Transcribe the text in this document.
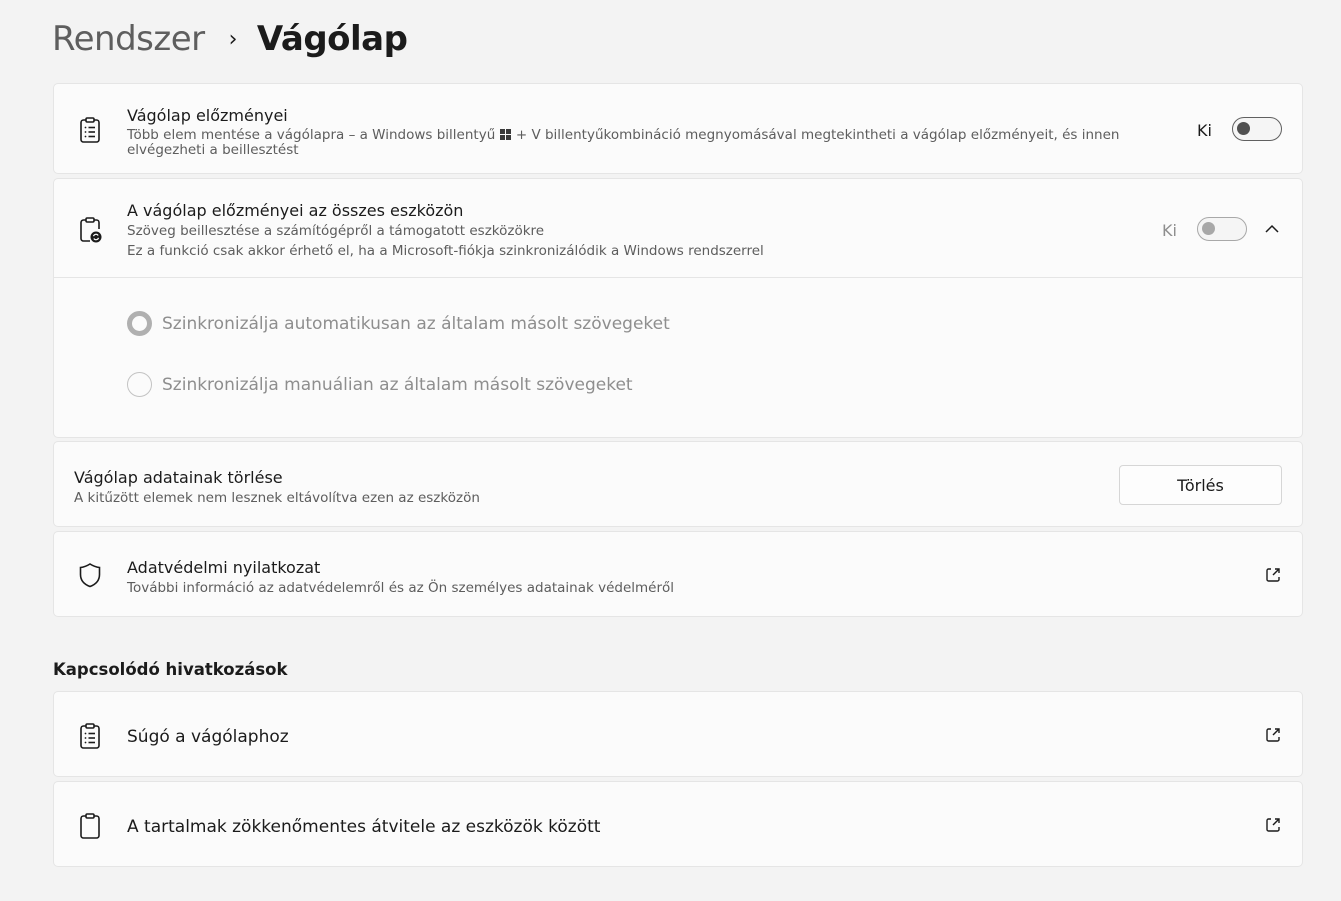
Rendszer › Vágólap
Vágólap előzményei
Több elem mentése a vágólapra – a Windows billentyű
+ V billentyűkombináció megnyomásával megtekintheti a vágólap előzményeit, és innen
elvégezheti a beillesztést
Ki
A vágólap előzményei az összes eszközön
Szöveg beillesztése a számítógépről a támogatott eszközökre
Ez a funkció csak akkor érhető el, ha a Microsoft-fiókja szinkronizálódik a Windows rendszerrel
Ki
Szinkronizálja automatikusan az általam másolt szövegeket
Szinkronizálja manuálian az általam másolt szövegeket
Vágólap adatainak törlése
A kitűzött elemek nem lesznek eltávolítva ezen az eszközön
Törlés
Adatvédelmi nyilatkozat
További információ az adatvédelemről és az Ön személyes adatainak védelméről
Kapcsolódó hivatkozások
Súgó a vágólaphoz
A tartalmak zökkenőmentes átvitele az eszközök között
